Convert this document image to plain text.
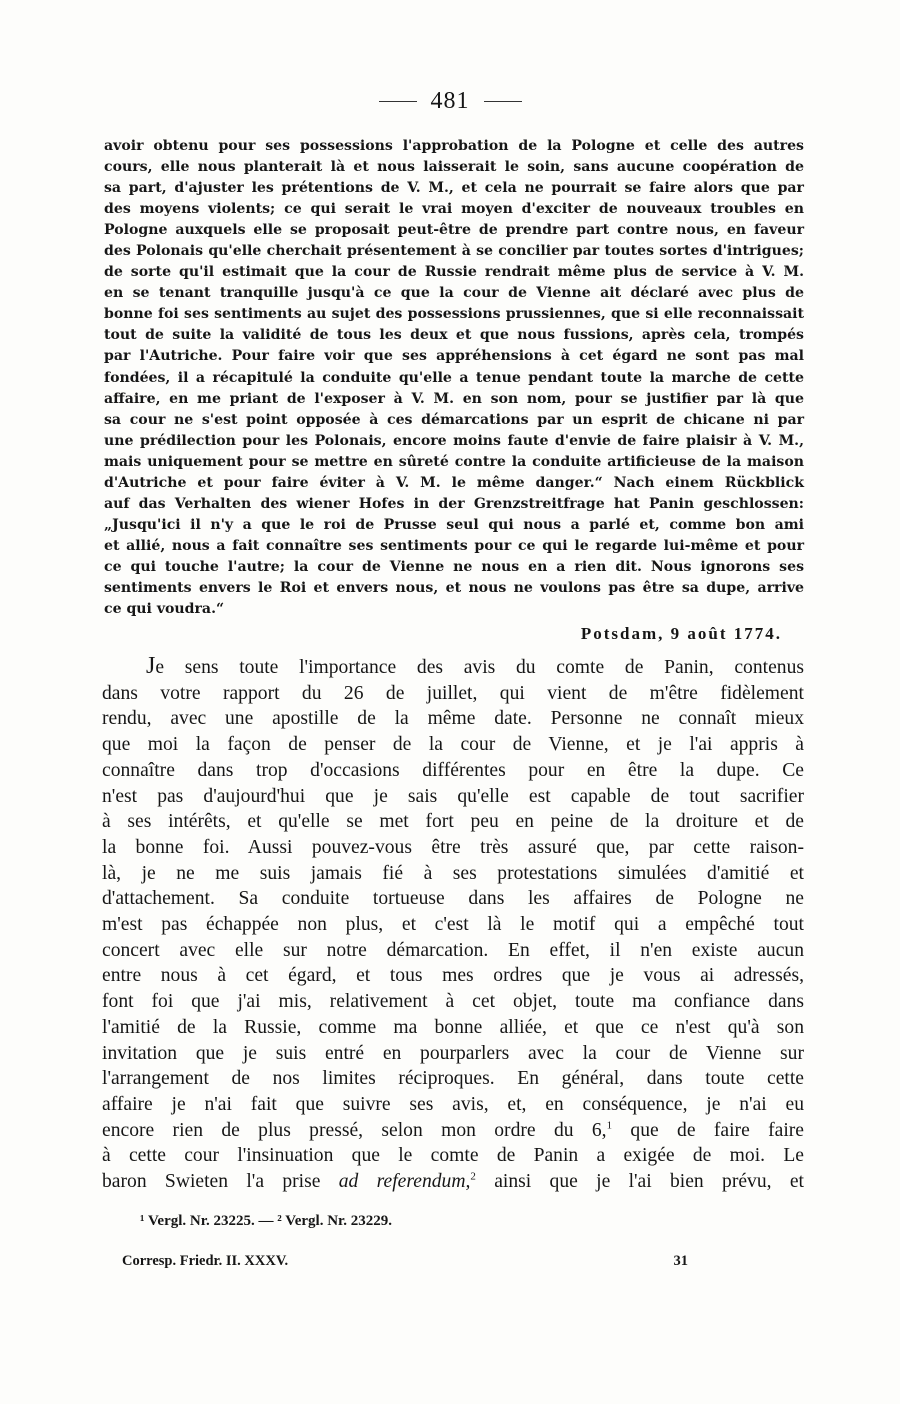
481
avoir obtenu pour ses possessions l'approbation de la Pologne et celle des autres
cours, elle nous planterait là et nous laisserait le soin, sans aucune coopération de
sa part, d'ajuster les prétentions de V. M., et cela ne pourrait se faire alors que par
des moyens violents; ce qui serait le vrai moyen d'exciter de nouveaux troubles en
Pologne auxquels elle se proposait peut-être de prendre part contre nous, en faveur
des Polonais qu'elle cherchait présentement à se concilier par toutes sortes d'intrigues;
de sorte qu'il estimait que la cour de Russie rendrait même plus de service à V. M.
en se tenant tranquille jusqu'à ce que la cour de Vienne ait déclaré avec plus de
bonne foi ses sentiments au sujet des possessions prussiennes, que si elle reconnaissait
tout de suite la validité de tous les deux et que nous fussions, après cela, trompés
par l'Autriche. Pour faire voir que ses appréhensions à cet égard ne sont pas mal
fondées, il a récapitulé la conduite qu'elle a tenue pendant toute la marche de cette
affaire, en me priant de l'exposer à V. M. en son nom, pour se justifier par là que
sa cour ne s'est point opposée à ces démarcations par un esprit de chicane ni par
une prédilection pour les Polonais, encore moins faute d'envie de faire plaisir à V. M.,
mais uniquement pour se mettre en sûreté contre la conduite artificieuse de la maison
d'Autriche et pour faire éviter à V. M. le même danger.“ Nach einem Rückblick
auf das Verhalten des wiener Hofes in der Grenzstreitfrage hat Panin geschlossen:
„Jusqu'ici il n'y a que le roi de Prusse seul qui nous a parlé et, comme bon ami
et allié, nous a fait connaître ses sentiments pour ce qui le regarde lui-même et pour
ce qui touche l'autre; la cour de Vienne ne nous en a rien dit. Nous ignorons ses
sentiments envers le Roi et envers nous, et nous ne voulons pas être sa dupe, arrive
ce qui voudra.“
Potsdam, 9 août 1774.
Je sens toute l'importance des avis du comte de Panin, contenus
dans votre rapport du 26 de juillet, qui vient de m'être fidèlement
rendu, avec une apostille de la même date. Personne ne connaît mieux
que moi la façon de penser de la cour de Vienne, et je l'ai appris à
connaître dans trop d'occasions différentes pour en être la dupe. Ce
n'est pas d'aujourd'hui que je sais qu'elle est capable de tout sacrifier
à ses intérêts, et qu'elle se met fort peu en peine de la droiture et de
la bonne foi. Aussi pouvez-vous être très assuré que, par cette raison-
là, je ne me suis jamais fié à ses protestations simulées d'amitié et
d'attachement. Sa conduite tortueuse dans les affaires de Pologne ne
m'est pas échappée non plus, et c'est là le motif qui a empêché tout
concert avec elle sur notre démarcation. En effet, il n'en existe aucun
entre nous à cet égard, et tous mes ordres que je vous ai adressés,
font foi que j'ai mis, relativement à cet objet, toute ma confiance dans
l'amitié de la Russie, comme ma bonne alliée, et que ce n'est qu'à son
invitation que je suis entré en pourparlers avec la cour de Vienne sur
l'arrangement de nos limites réciproques. En général, dans toute cette
affaire je n'ai fait que suivre ses avis, et, en conséquence, je n'ai eu
encore rien de plus pressé, selon mon ordre du 6,$^1$ que de faire faire
à cette cour l'insinuation que le comte de Panin a exigée de moi. Le
baron Swieten l'a prise ad referendum,$^2$ ainsi que je l'ai bien prévu, et
¹ Vergl. Nr. 23225. — ² Vergl. Nr. 23229.
Corresp. Friedr. II. XXXV.	31
